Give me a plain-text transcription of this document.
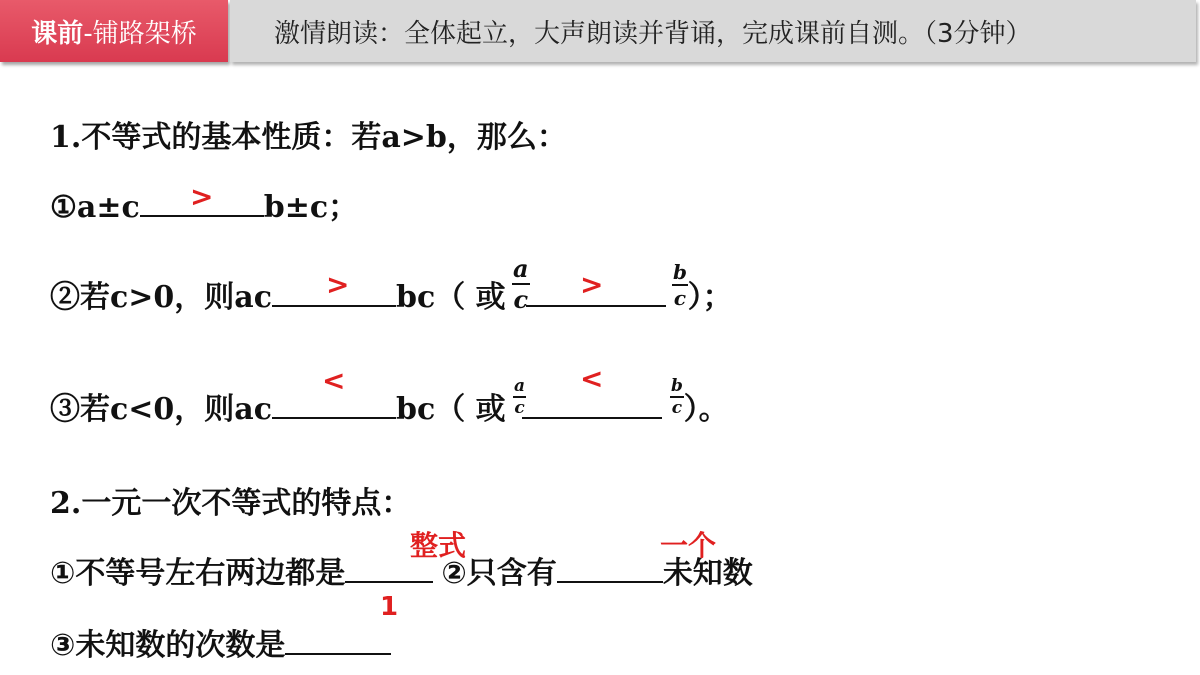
课前 -铺路架桥	激情朗读：全体起立，大声朗读并背诵，完成课前自测。（3分钟）
1.不等式的基本性质：若a>b，那么：
①a±c	b±c；
>
②若c>0，则ac	bc（ 或	）；
>	>
$\frac{a}{c}$	$\frac{b}{c}$
③若c<0，则ac	bc（ 或	）。
<	<
$\frac{a}{c}$	$\frac{b}{c}$
2.一元一次不等式的特点：
①不等号左右两边都是	②只含有	未知数
整式	一个
③未知数的次数是
1
